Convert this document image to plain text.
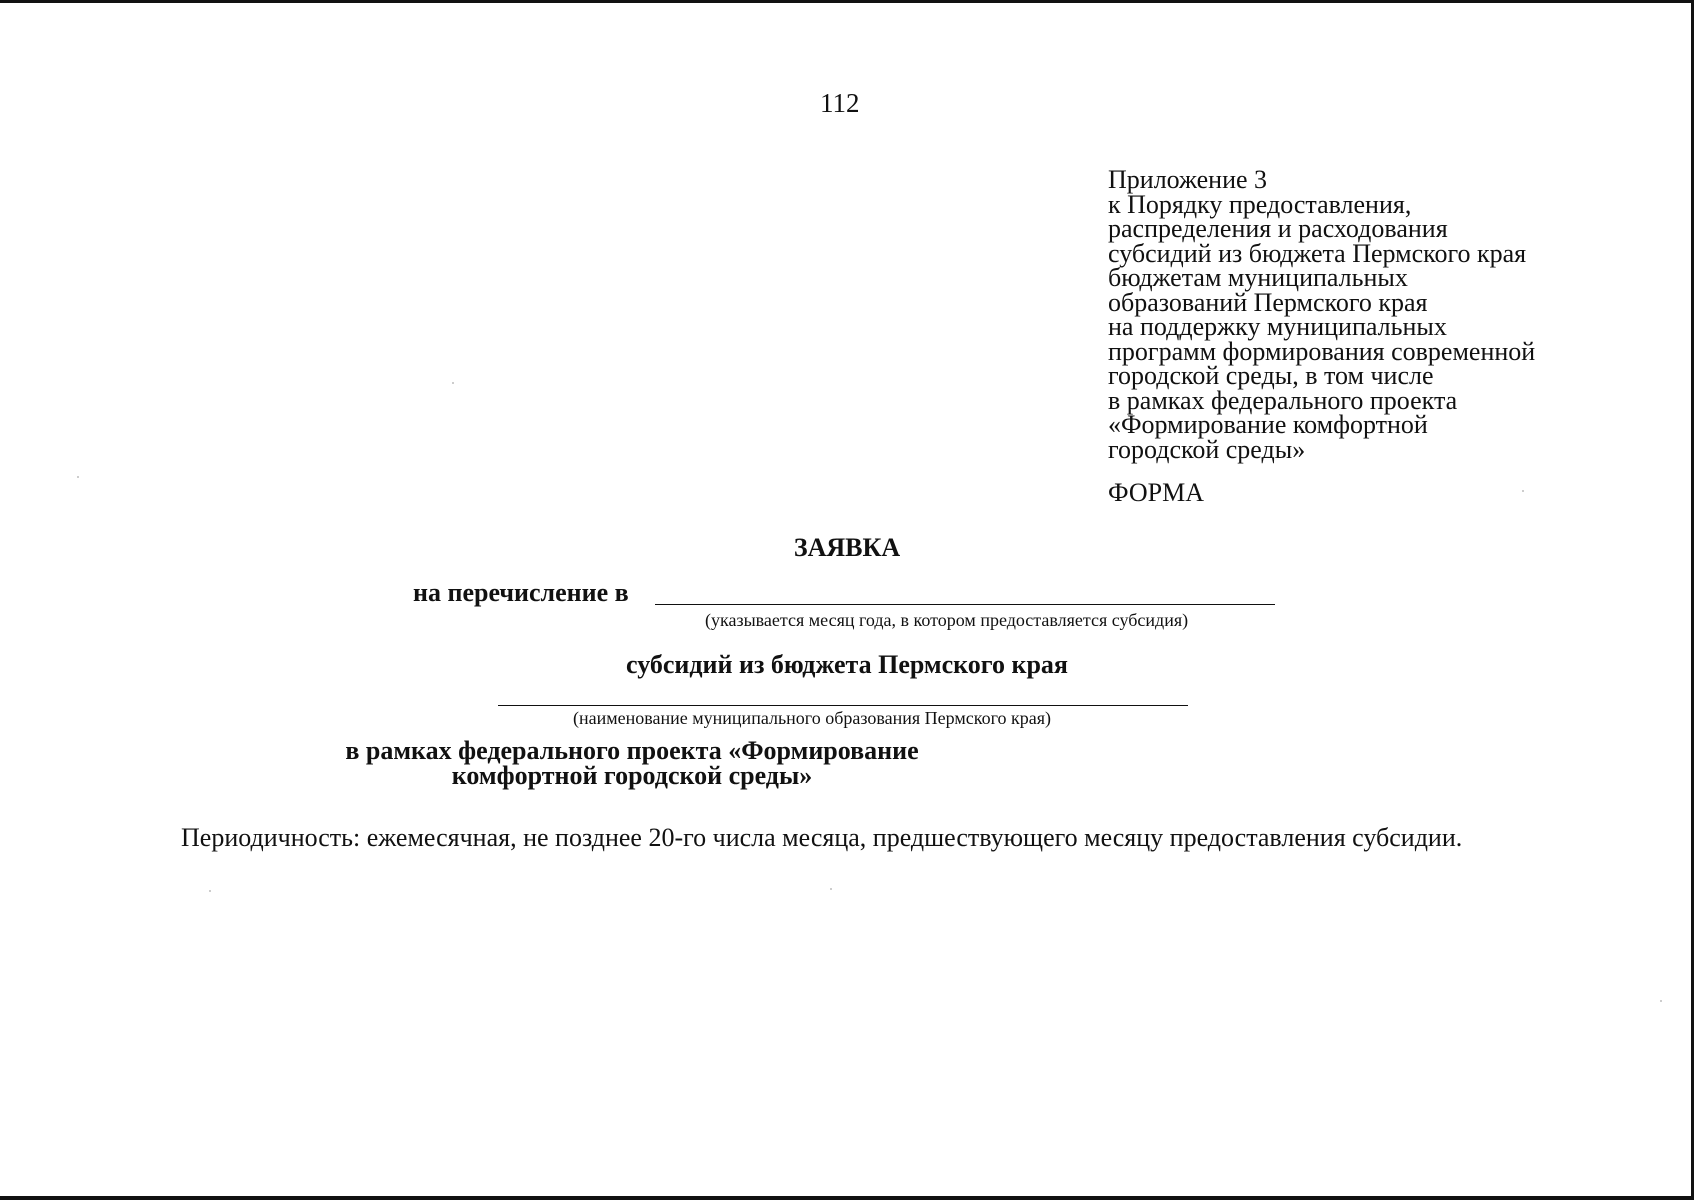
112
Приложение 3
к Порядку предоставления,
распределения и расходования
субсидий из бюджета Пермского края
бюджетам муниципальных
образований Пермского края
на поддержку муниципальных
программ формирования современной
городской среды, в том числе
в рамках федерального проекта
«Формирование комфортной
городской среды»
ФОРМА
ЗАЯВКА
на перечисление в
(указывается месяц года, в котором предоставляется субсидия)
субсидий из бюджета Пермского края
(наименование муниципального образования Пермского края)
в рамках федерального проекта «Формирование
комфортной городской среды»
Периодичность: ежемесячная, не позднее 20-го числа месяца, предшествующего месяцу предоставления субсидии.
